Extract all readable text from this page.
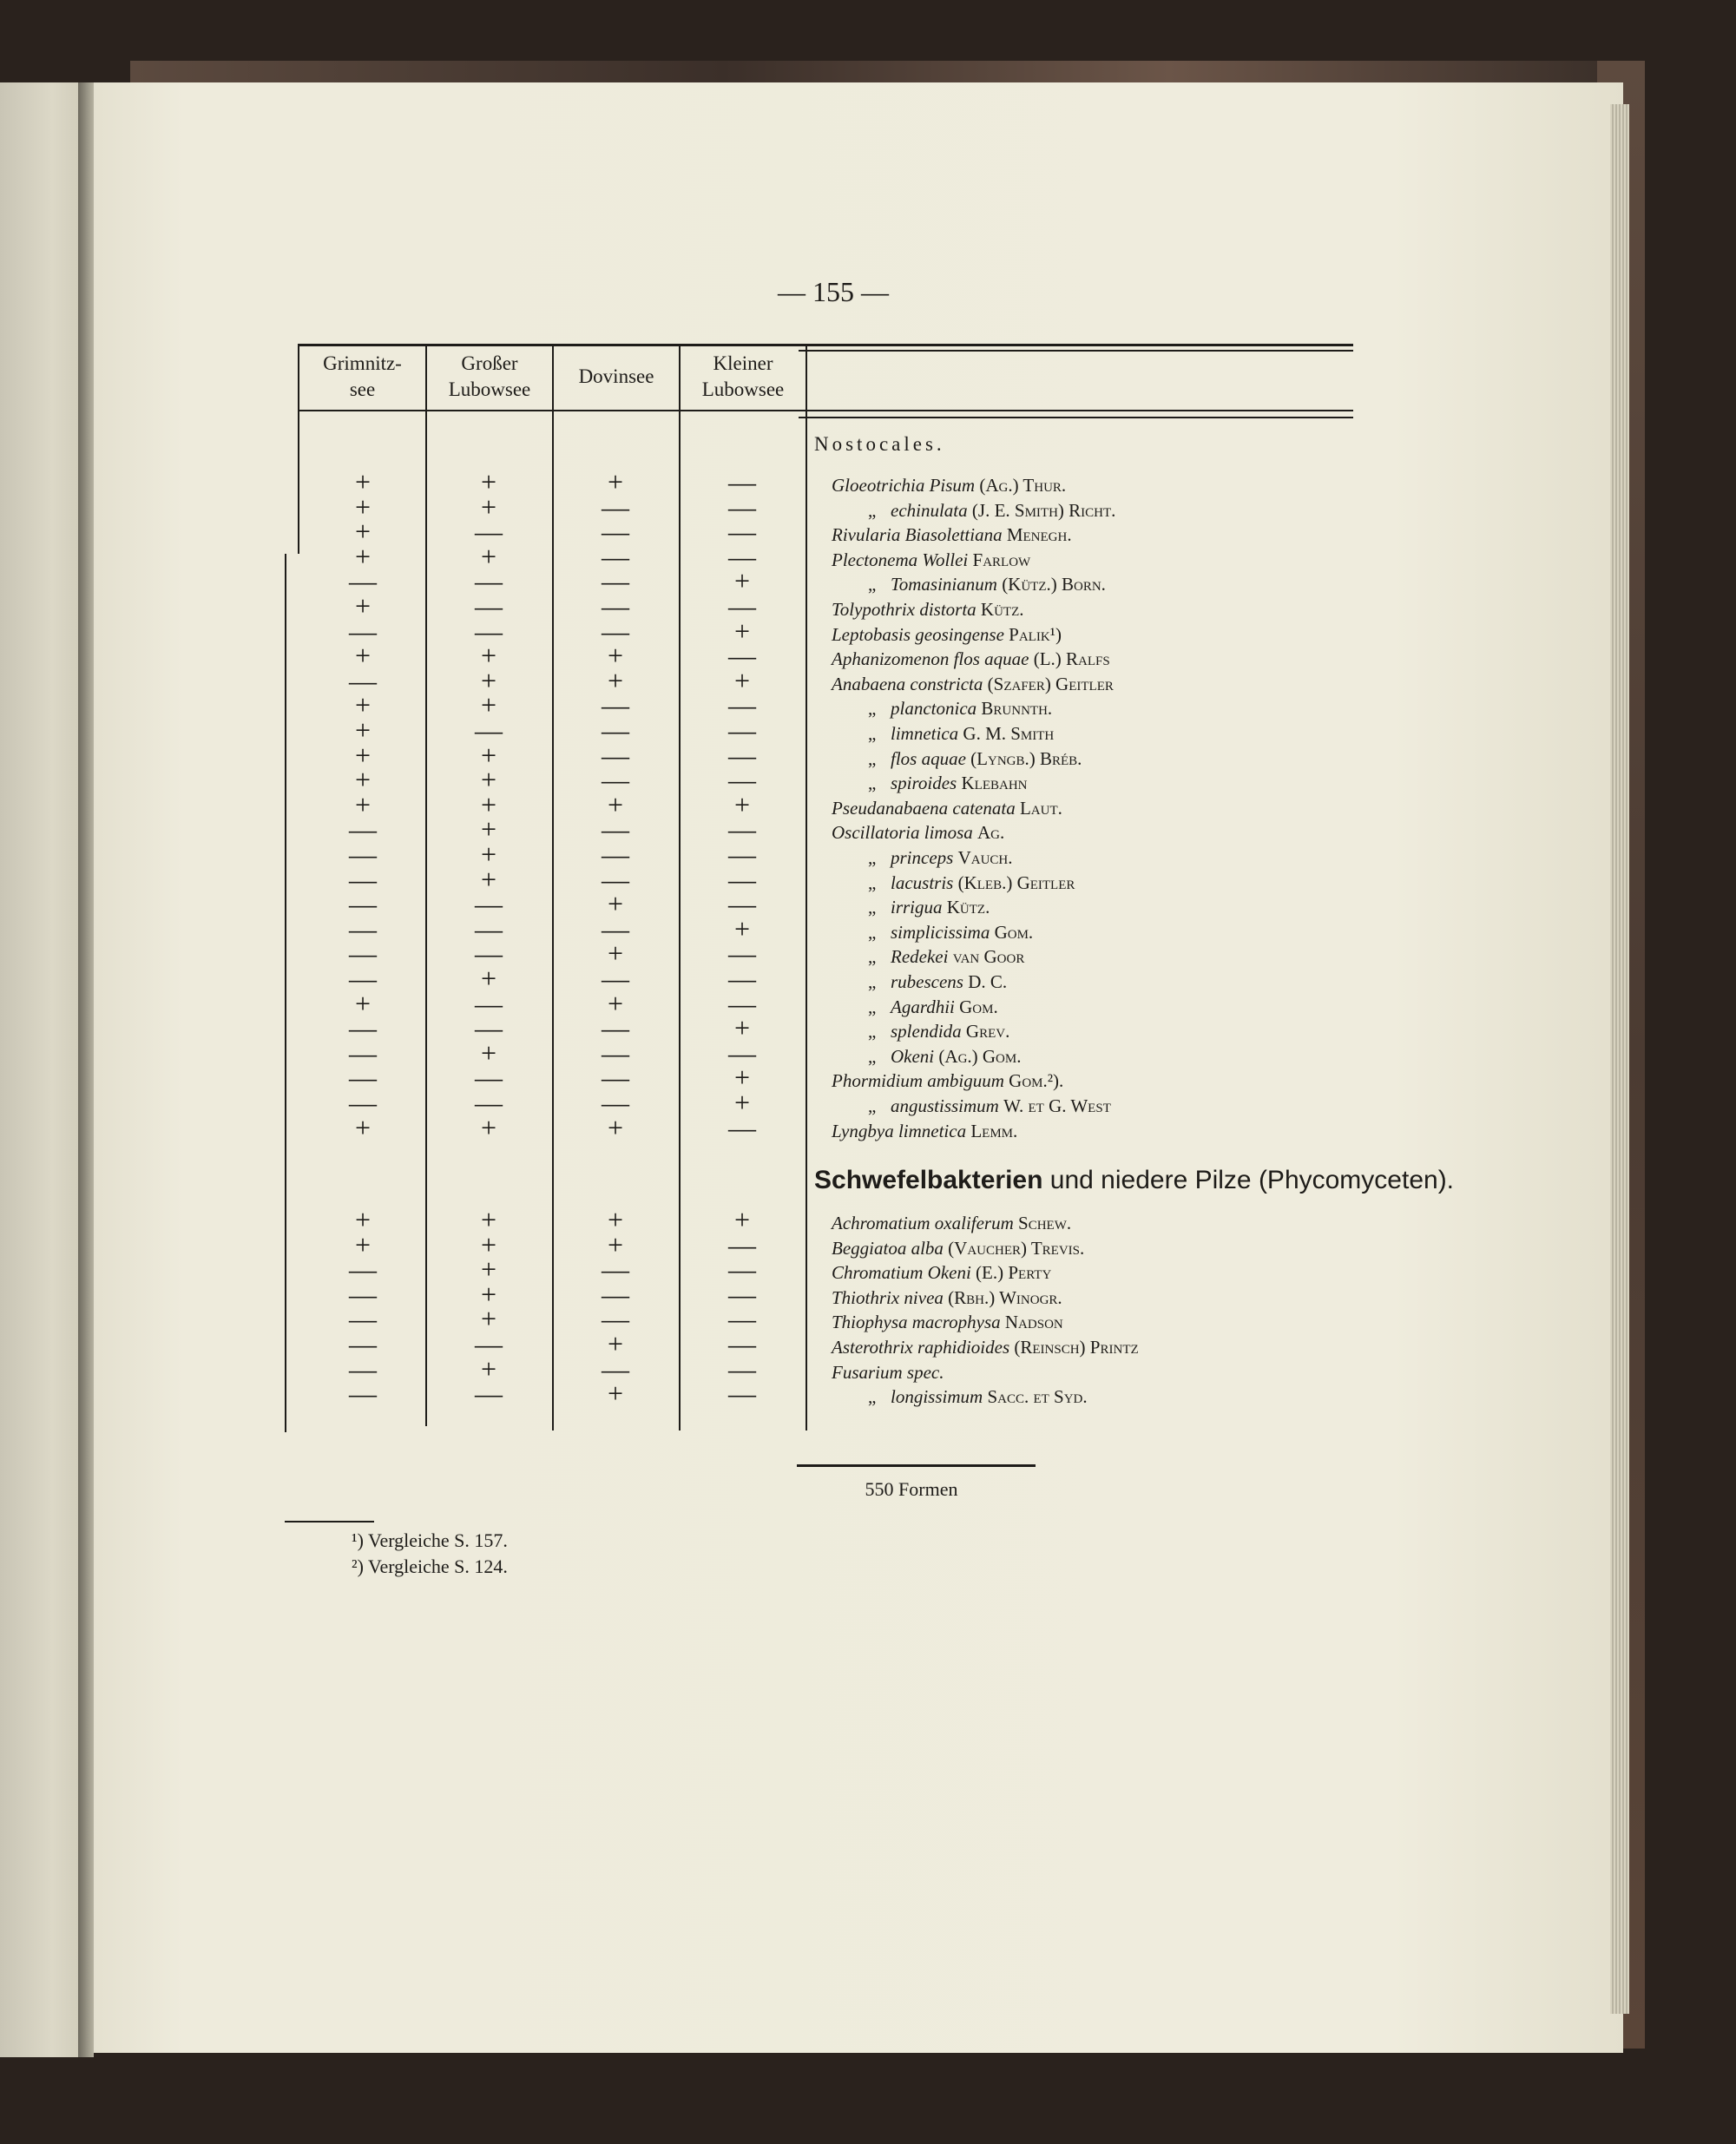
— 155 —
Grimnitz-
see
Großer
Lubowsee
Dovinsee
Kleiner
Lubowsee
Nostocales.
Schwefelbakterien und niedere Pilze (Phycomyceten).
+	+	+	—	Gloeotrichia Pisum (Ag.) Thur.
+	+	—	—	„ echinulata (J. E. Smith) Richt.
+	—	—	—	Rivularia Biasolettiana Menegh.
+	+	—	—	Plectonema Wollei Farlow
—	—	—	+	„ Tomasinianum (Kütz.) Born.
+	—	—	—	Tolypothrix distorta Kütz.
—	—	—	+	Leptobasis geosingense Palik¹)
+	+	+	—	Aphanizomenon flos aquae (L.) Ralfs
—	+	+	+	Anabaena constricta (Szafer) Geitler
+	+	—	—	„ planctonica Brunnth.
+	—	—	—	„ limnetica G. M. Smith
+	+	—	—	„ flos aquae (Lyngb.) Bréb.
+	+	—	—	„ spiroides Klebahn
+	+	+	+	Pseudanabaena catenata Laut.
—	+	—	—	Oscillatoria limosa Ag.
—	+	—	—	„ princeps Vauch.
—	+	—	—	„ lacustris (Kleb.) Geitler
—	—	+	—	„ irrigua Kütz.
—	—	—	+	„ simplicissima Gom.
—	—	+	—	„ Redekei van Goor
—	+	—	—	„ rubescens D. C.
+	—	+	—	„ Agardhii Gom.
—	—	—	+	„ splendida Grev.
—	+	—	—	„ Okeni (Ag.) Gom.
—	—	—	+	Phormidium ambiguum Gom.²).
—	—	—	+	„ angustissimum W. et G. West
+	+	+	—	Lyngbya limnetica Lemm.
+	+	+	+	Achromatium oxaliferum Schew.
+	+	+	—	Beggiatoa alba (Vaucher) Trevis.
—	+	—	—	Chromatium Okeni (E.) Perty
—	+	—	—	Thiothrix nivea (Rbh.) Winogr.
—	+	—	—	Thiophysa macrophysa Nadson
—	—	+	—	Asterothrix raphidioides (Reinsch) Printz
—	+	—	—	Fusarium spec.
—	—	+	—	„ longissimum Sacc. et Syd.
550 Formen
¹) Vergleiche S. 157.
²) Vergleiche S. 124.
